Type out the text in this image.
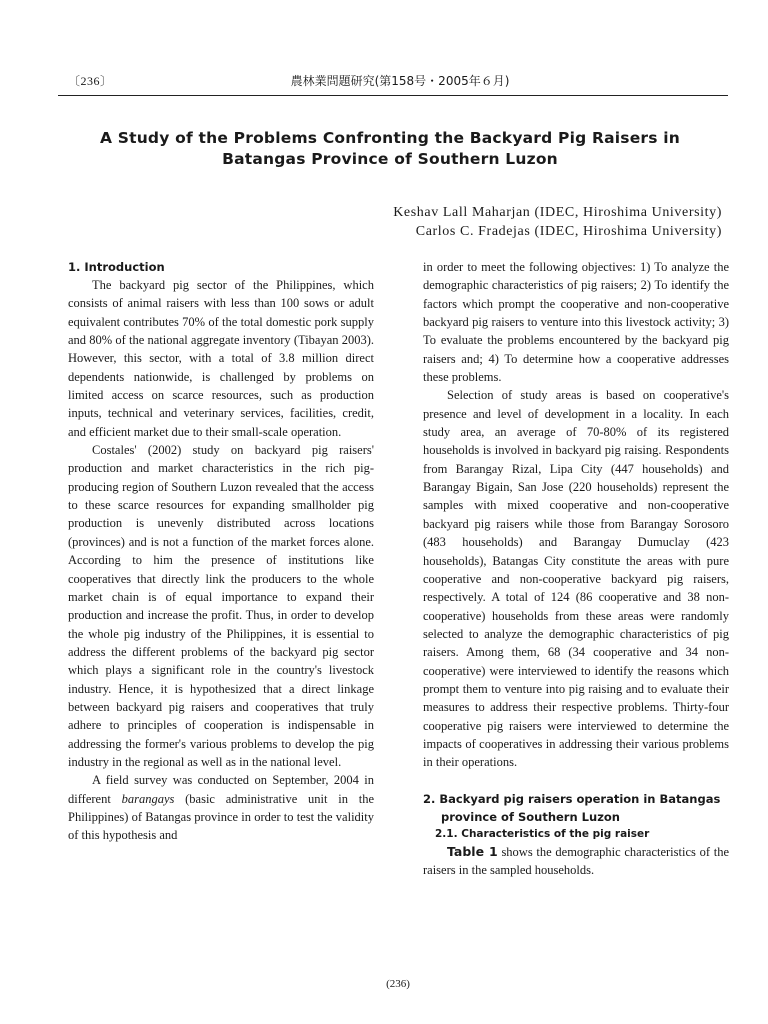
〔236〕	農林業問題研究(第158号・2005年６月)
A Study of the Problems Confronting the Backyard Pig Raisers in
Batangas Province of Southern Luzon
Keshav Lall Maharjan (IDEC, Hiroshima University)
Carlos C. Fradejas (IDEC, Hiroshima University)
1. Introduction

The backyard pig sector of the Philippines, which consists of animal raisers with less than 100 sows or adult equivalent contributes 70% of the total domestic pork supply and 80% of the national aggregate inventory (Tibayan 2003). However, this sector, with a total of 3.8 million direct dependents nationwide, is challenged by problems on limited access on scarce resources, such as production inputs, technical and veterinary services, facilities, credit, and efficient market due to their small-scale operation.

Costales' (2002) study on backyard pig raisers' production and market characteristics in the rich pig-producing region of Southern Luzon revealed that the access to these scarce resources for expanding smallholder pig production is unevenly distributed across locations (provinces) and is not a function of the market forces alone. According to him the presence of institutions like cooperatives that directly link the producers to the whole market chain is of equal importance to expand their production and increase the profit. Thus, in order to develop the whole pig industry of the Philippines, it is essential to address the different problems of the backyard pig sector which plays a significant role in the country's livestock industry. Hence, it is hypothesized that a direct linkage between backyard pig raisers and cooperatives that truly adhere to principles of cooperation is indispensable in addressing the former's various problems to develop the pig industry in the regional as well as in the national level.

A field survey was conducted on September, 2004 in different barangays (basic administrative unit in the Philippines) of Batangas province in order to test the validity of this hypothesis and

in order to meet the following objectives: 1) To analyze the demographic characteristics of pig raisers; 2) To identify the factors which prompt the cooperative and non-cooperative backyard pig raisers to venture into this livestock activity; 3) To evaluate the problems encountered by the backyard pig raisers and; 4) To determine how a cooperative addresses these problems.

Selection of study areas is based on cooperative's presence and level of development in a locality. In each study area, an average of 70-80% of its registered households is involved in backyard pig raising. Respondents from Barangay Rizal, Lipa City (447 households) and Barangay Bigain, San Jose (220 households) represent the samples with mixed cooperative and non-cooperative backyard pig raisers while those from Barangay Sorosoro (483 households) and Barangay Dumuclay (423 households), Batangas City constitute the areas with pure cooperative and non-cooperative backyard pig raisers, respectively. A total of 124 (86 cooperative and 38 non-cooperative) households from these areas were randomly selected to analyze the demographic characteristics of pig raisers. Among them, 68 (34 cooperative and 34 non-cooperative) were interviewed to identify the reasons which prompt them to venture into pig raising and to evaluate their measures to address their respective problems. Thirty-four cooperative pig raisers were interviewed to determine the impacts of cooperatives in addressing their various problems in their operations.

2. Backyard pig raisers operation in Batangas province of Southern Luzon
2.1. Characteristics of the pig raiser

Table 1 shows the demographic characteristics of the raisers in the sampled households.

(236)
